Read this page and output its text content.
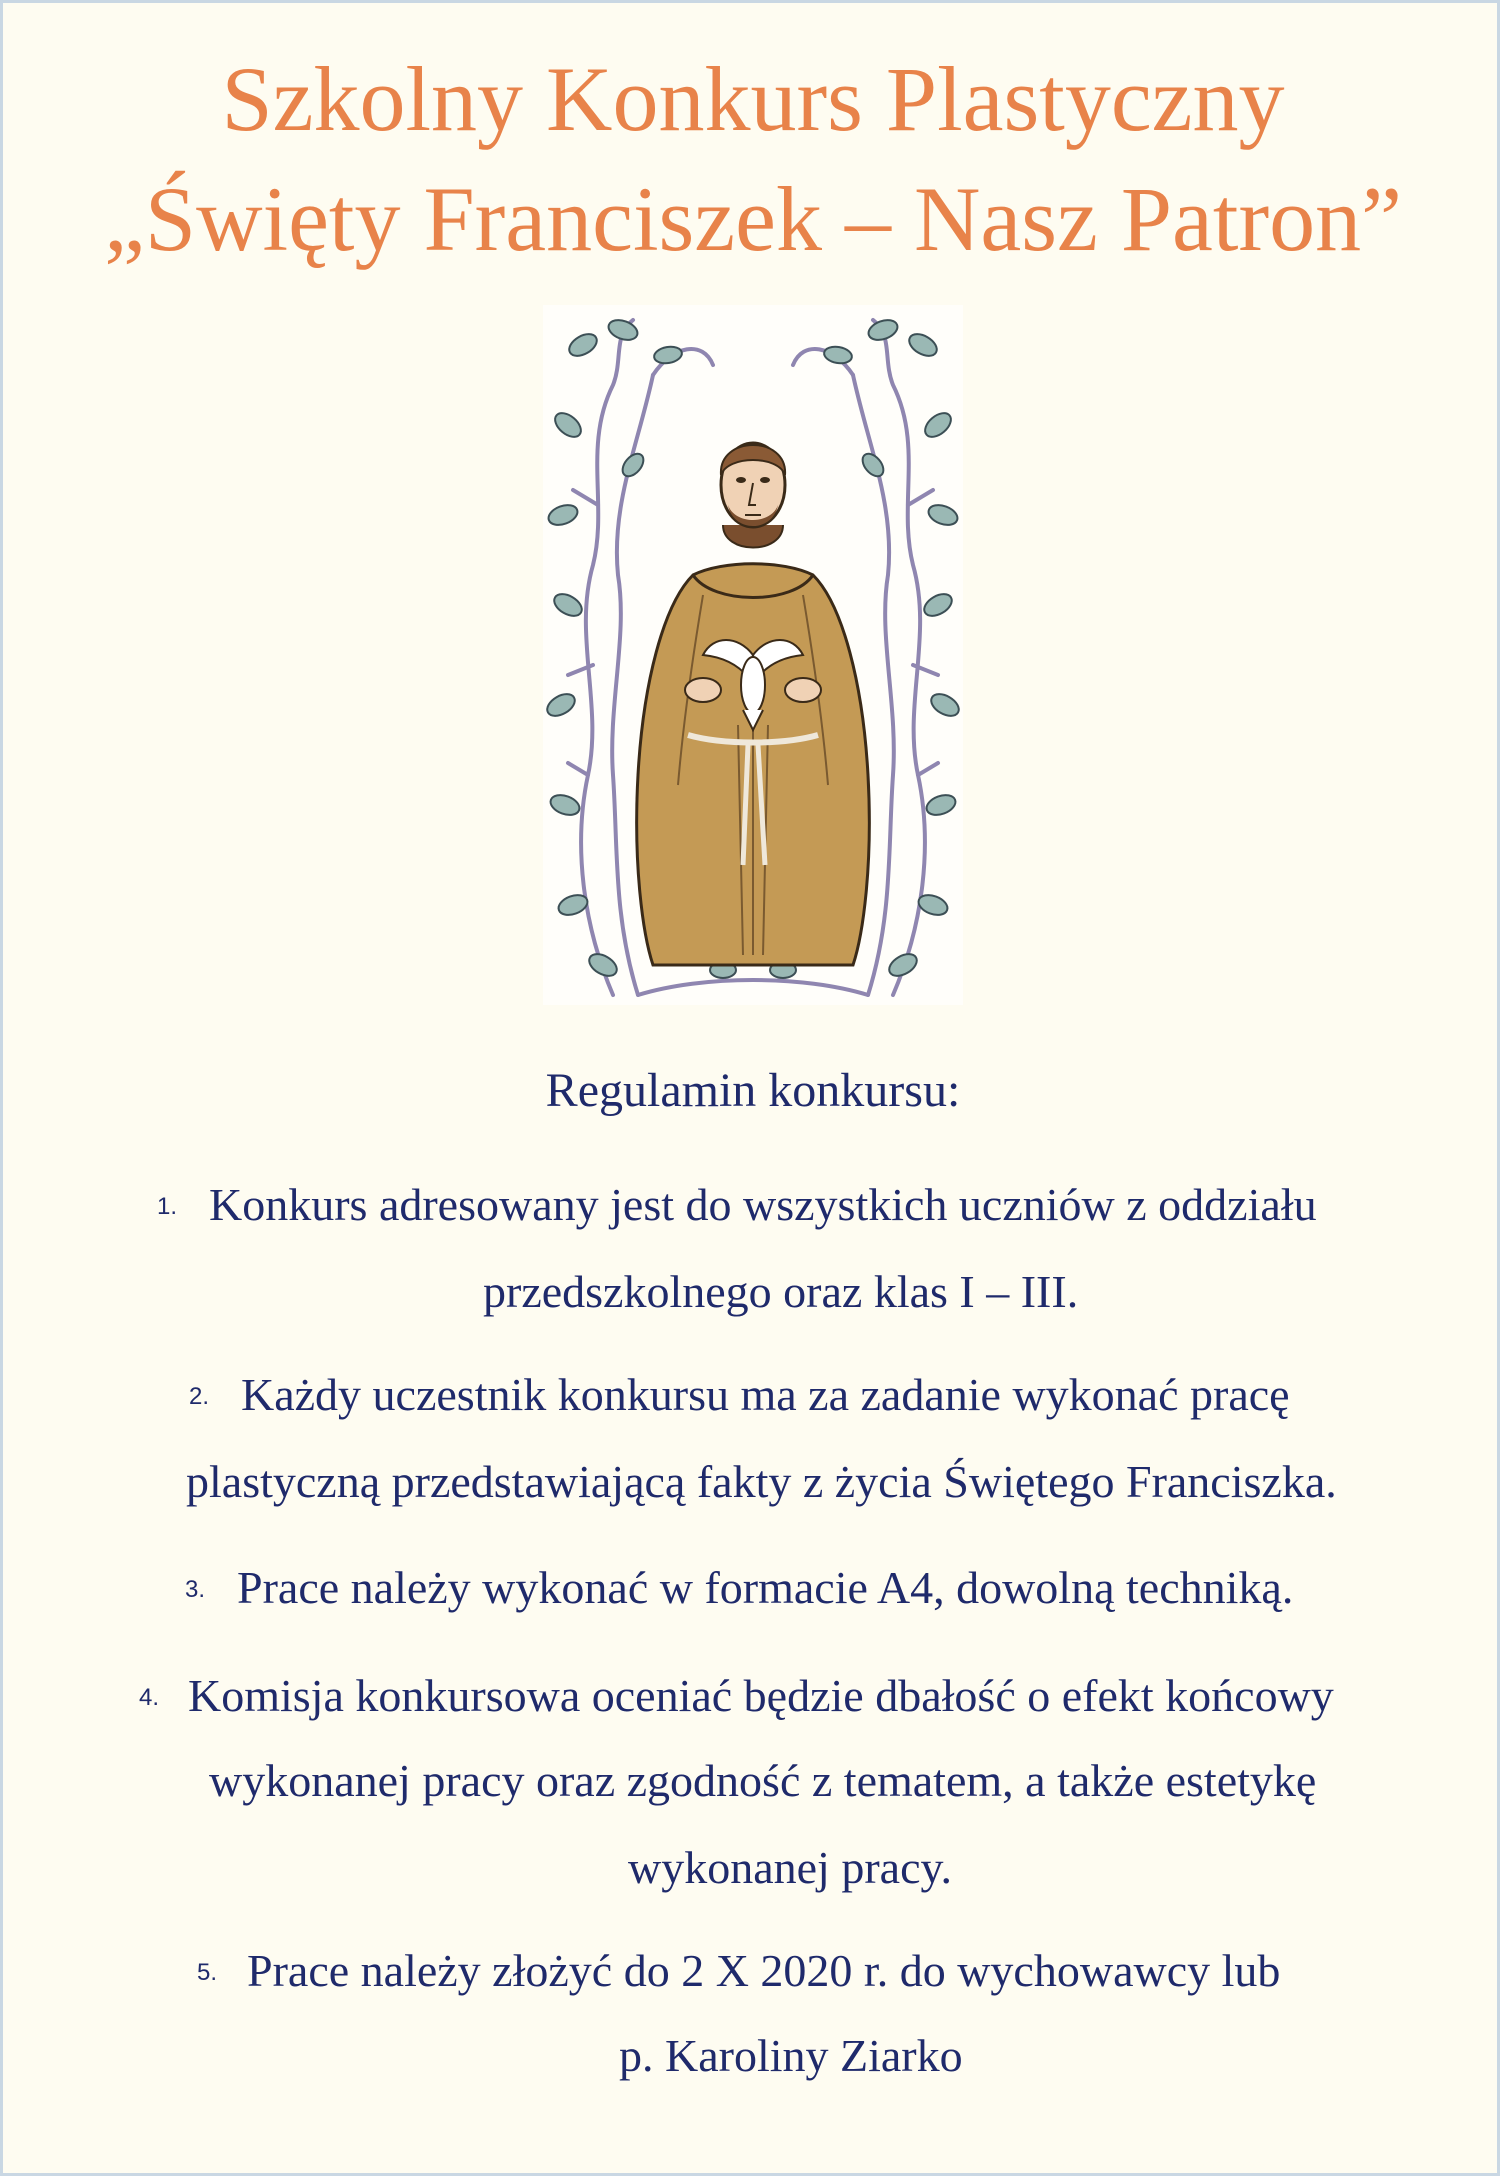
Szkolny Konkurs Plastyczny
„Święty Franciszek – Nasz Patron”
Regulamin konkursu:
1. Konkurs adresowany jest do wszystkich uczniów z oddziału
przedszkolnego oraz klas I – III.
2. Każdy uczestnik konkursu ma za zadanie wykonać pracę
plastyczną przedstawiającą fakty z życia Świętego Franciszka.
3. Prace należy wykonać w formacie A4, dowolną techniką.
4. Komisja konkursowa oceniać będzie dbałość o efekt końcowy
wykonanej pracy oraz zgodność z tematem, a także estetykę
wykonanej pracy.
5. Prace należy złożyć do 2 X 2020 r. do wychowawcy lub
p. Karoliny Ziarko
